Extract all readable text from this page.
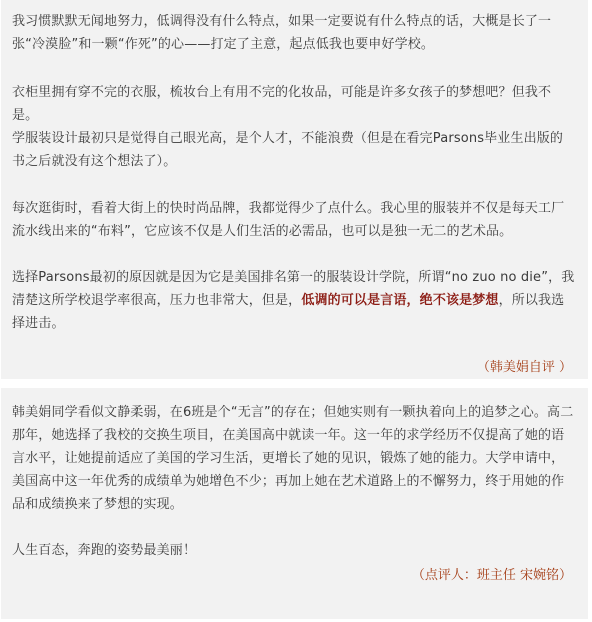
我习惯默默无闻地努力，低调得没有什么特点，如果一定要说有什么特点的话，大概是长了一张“冷漠脸”和一颗“作死”的心——打定了主意，起点低我也要申好学校。

衣柜里拥有穿不完的衣服，梳妆台上有用不完的化妆品，可能是许多女孩子的梦想吧？但我不是。

学服装设计最初只是觉得自己眼光高，是个人才，不能浪费（但是在看完Parsons毕业生出版的书之后就没有这个想法了）。

每次逛街时，看着大街上的快时尚品牌，我都觉得少了点什么。我心里的服装并不仅是每天工厂流水线出来的“布料”，它应该不仅是人们生活的必需品，也可以是独一无二的艺术品。

选择Parsons最初的原因就是因为它是美国排名第一的服装设计学院，所谓“no zuo no die”，我清楚这所学校退学率很高，压力也非常大，但是，低调的可以是言语，绝不该是梦想，所以我选择进击。

（韩美娟自评 ）

韩美娟同学看似文静柔弱，在6班是个“无言”的存在；但她实则有一颗执着向上的追梦之心。高二那年，她选择了我校的交换生项目，在美国高中就读一年。这一年的求学经历不仅提高了她的语言水平，让她提前适应了美国的学习生活，更增长了她的见识，锻炼了她的能力。大学申请中，美国高中这一年优秀的成绩单为她增色不少；再加上她在艺术道路上的不懈努力，终于用她的作品和成绩换来了梦想的实现。

人生百态，奔跑的姿势最美丽！

（点评人：班主任 宋婉铭）
